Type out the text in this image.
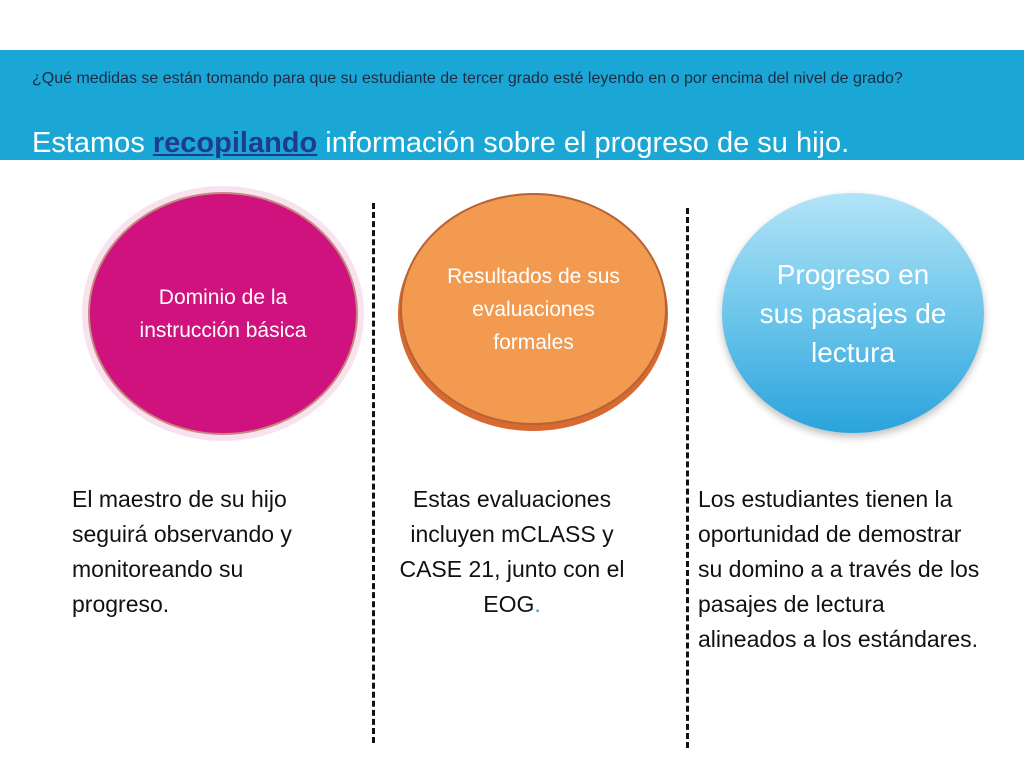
¿Qué medidas se están tomando para que su estudiante de tercer grado esté leyendo en o por encima del nivel de grado?
Estamos recopilando información sobre el progreso de su hijo.
Dominio de la instrucción básica
Resultados de sus evaluaciones formales
Progreso en sus pasajes de lectura
El maestro de su hijo seguirá observando y monitoreando su progreso.
Estas evaluaciones incluyen mCLASS y CASE 21, junto con el EOG.
Los estudiantes tienen la oportunidad de demostrar su domino a a través de los pasajes de lectura alineados a los estándares.
